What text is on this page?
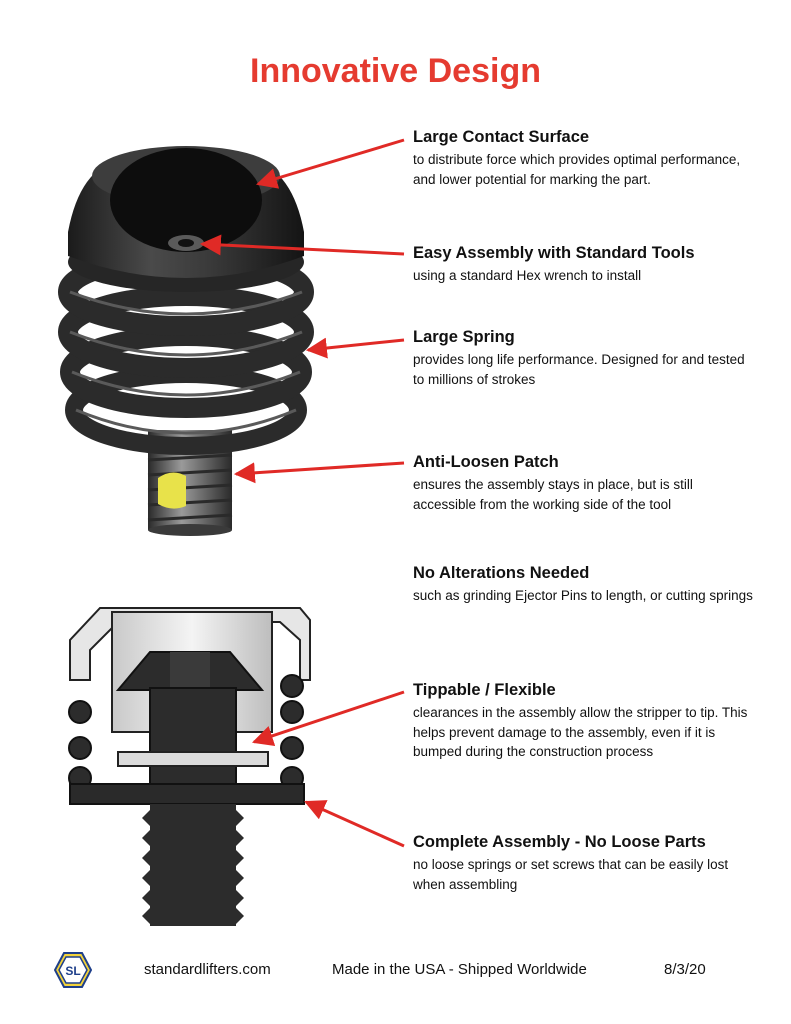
Innovative Design

Large Contact Surface

to distribute force which provides optimal performance, and lower potential for marking the part.

Easy Assembly with Standard Tools

using a standard Hex wrench to install

Large Spring

provides long life performance. Designed for and tested to millions of strokes

Anti-Loosen Patch

ensures the assembly stays in place, but is still accessible from the working side of the tool

No Alterations Needed

such as grinding Ejector Pins to length, or cutting springs

Tippable / Flexible

clearances in the assembly allow the stripper to tip. This helps prevent damage to the assembly, even if it is bumped during the construction process

Complete Assembly - No Loose Parts

no loose springs or set screws that can be easily lost when assembling

SL	standardlifters.com	Made in the USA - Shipped Worldwide	8/3/20
